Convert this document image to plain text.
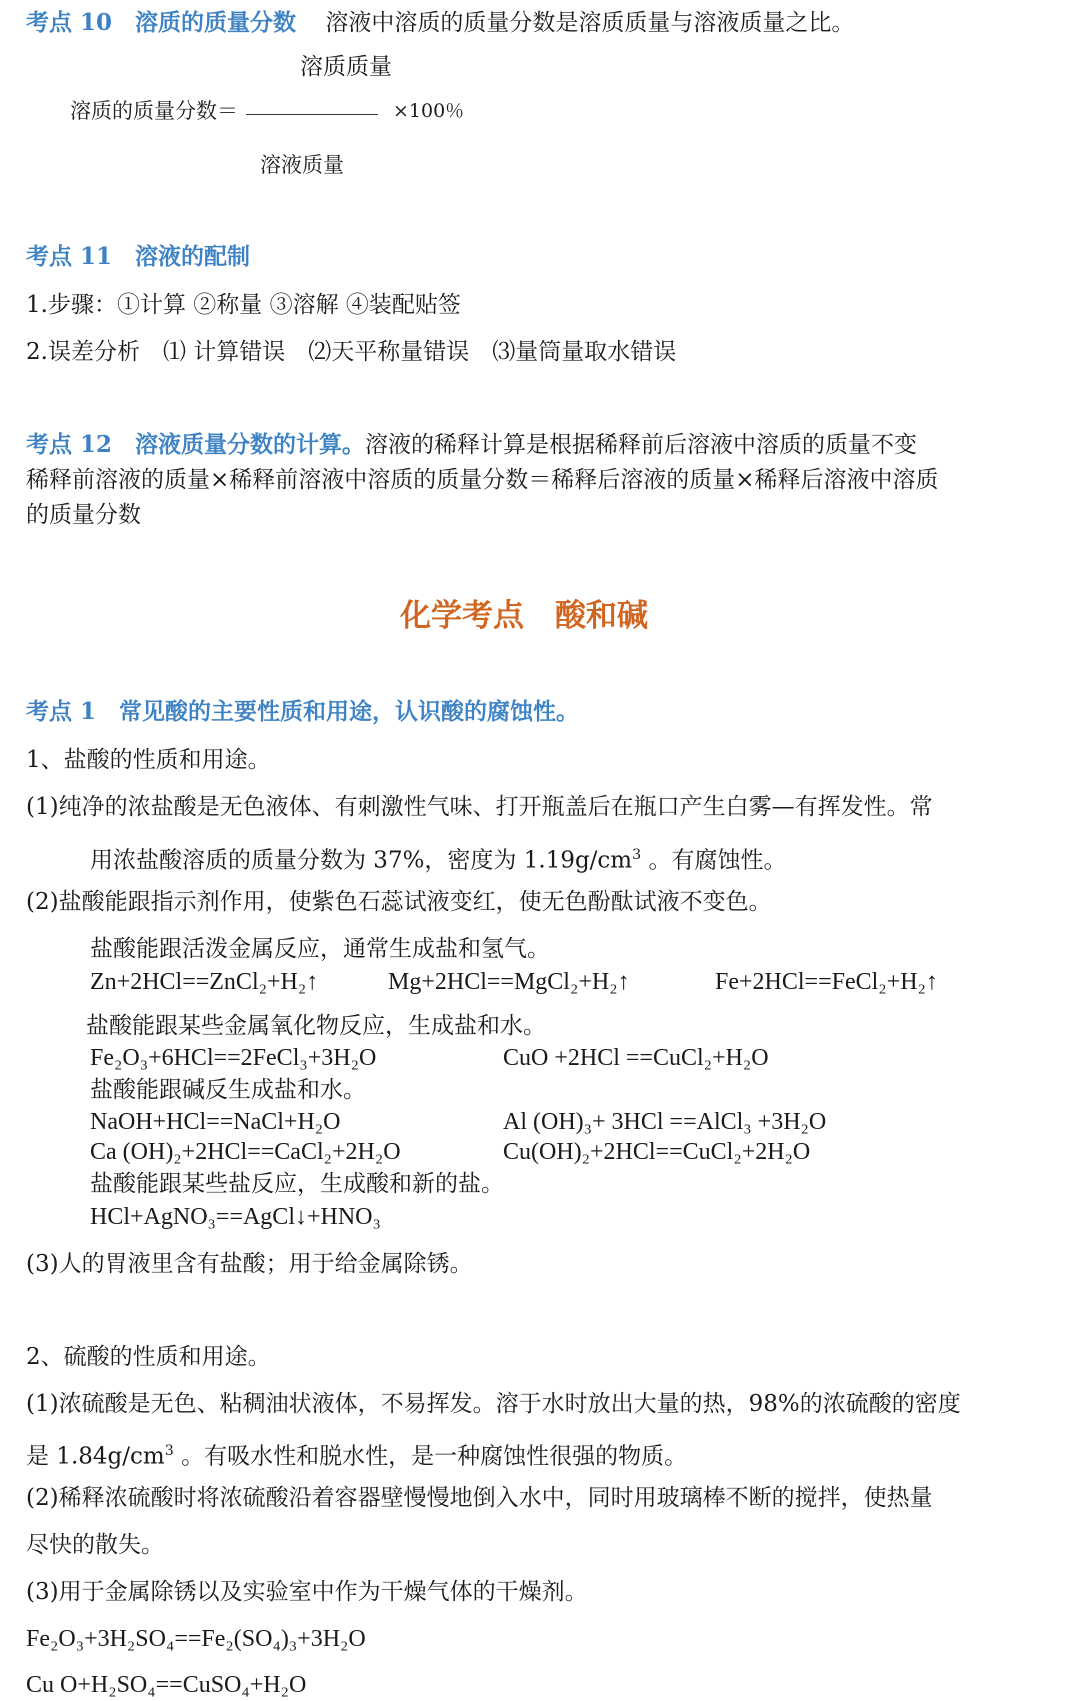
考点 10　溶质的质量分数 溶液中溶质的质量分数是溶质质量与溶液质量之比。
溶质质量
溶质的质量分数＝	×100％
溶液质量
考点 11　溶液的配制
1.步骤：①计算 ②称量 ③溶解 ④装配贴签
2.误差分析　⑴ 计算错误　⑵天平称量错误　⑶量筒量取水错误
考点 12　溶液质量分数的计算。溶液的稀释计算是根据稀释前后溶液中溶质的质量不变
稀释前溶液的质量×稀释前溶液中溶质的质量分数＝稀释后溶液的质量×稀释后溶液中溶质
的质量分数
化学考点　酸和碱
考点 1　常见酸的主要性质和用途，认识酸的腐蚀性。
1、盐酸的性质和用途。
(1)纯净的浓盐酸是无色液体、有刺激性气味、打开瓶盖后在瓶口产生白雾—有挥发性。常
用浓盐酸溶质的质量分数为 37%，密度为 $1.19g/cm^3$ 。有腐蚀性。
(2)盐酸能跟指示剂作用，使紫色石蕊试液变红，使无色酚酞试液不变色。
盐酸能跟活泼金属反应，通常生成盐和氢气。
Zn+2HCl==ZnCl₂+H₂↑	Mg+2HCl==MgCl₂+H₂↑	Fe+2HCl==FeCl₂+H₂↑
盐酸能跟某些金属氧化物反应，生成盐和水。
Fe₂O₃+6HCl==2FeCl₃+3H₂O	CuO +2HCl ==CuCl₂+H₂O
盐酸能跟碱反生成盐和水。
NaOH+HCl==NaCl+H₂O	Al (OH)₃+ 3HCl ==AlCl₃ +3H₂O
Ca (OH)₂+2HCl==CaCl₂+2H₂O	Cu(OH)₂+2HCl==CuCl₂+2H₂O
盐酸能跟某些盐反应，生成酸和新的盐。
HCl+AgNO₃==AgCl↓+HNO₃
(3)人的胃液里含有盐酸；用于给金属除锈。
2、硫酸的性质和用途。
(1)浓硫酸是无色、粘稠油状液体，不易挥发。溶于水时放出大量的热，98%的浓硫酸的密度
是 $1.84g/cm^3$ 。有吸水性和脱水性，是一种腐蚀性很强的物质。
(2)稀释浓硫酸时将浓硫酸沿着容器壁慢慢地倒入水中，同时用玻璃棒不断的搅拌，使热量
尽快的散失。
(3)用于金属除锈以及实验室中作为干燥气体的干燥剂。
Fe₂O₃+3H₂SO₄==Fe₂(SO₄)₃+3H₂O
Cu O+H₂SO₄==CuSO₄+H₂O
